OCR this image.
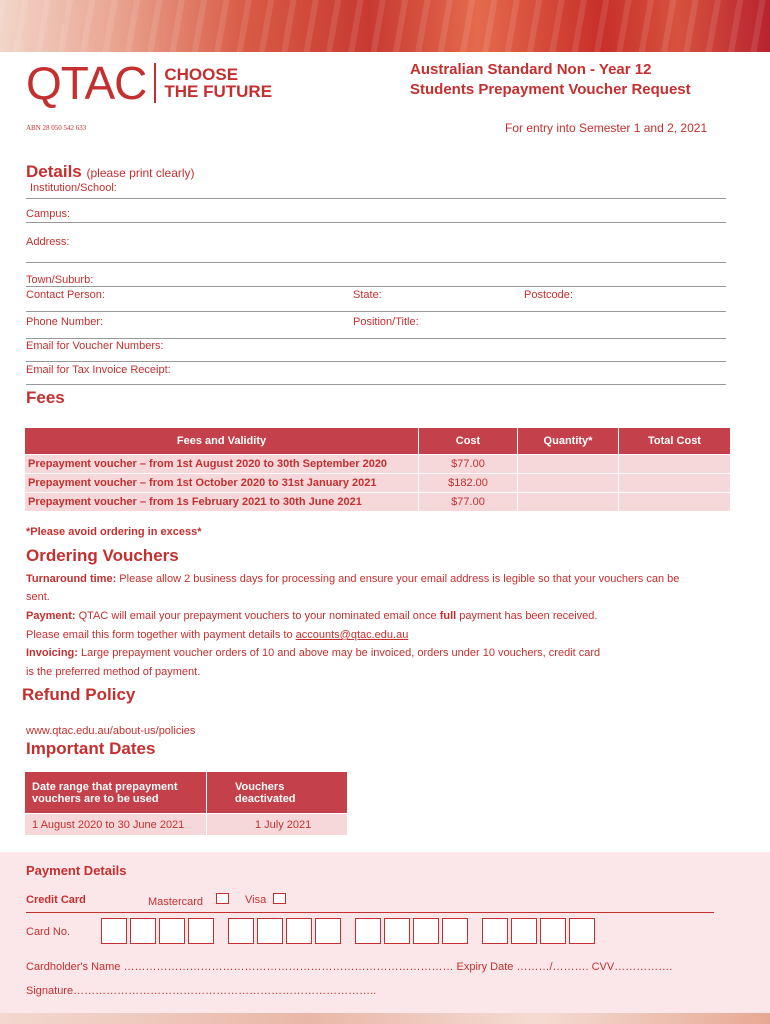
QTAC CHOOSE
THE FUTURE
ABN 28 050 542 633
Australian Standard Non - Year 12
Students Prepayment Voucher Request
For entry into Semester 1 and 2, 2021
Details (please print clearly)
Institution/School:
Campus:
Address:
Town/Suburb:
Contact Person:	State:	Postcode:
Phone Number:	Position/Title:
Email for Voucher Numbers:
Email for Tax Invoice Receipt:
Fees
Fees and Validity	Cost	Quantity*	Total Cost
Prepayment voucher – from 1st August 2020 to 30th September 2020	$77.00		
Prepayment voucher – from 1st October 2020 to 31st January 2021	$182.00		
Prepayment voucher – from 1s February 2021 to 30th June 2021	$77.00		
*Please avoid ordering in excess*
Ordering Vouchers
Turnaround time: Please allow 2 business days for processing and ensure your email address is legible so that your vouchers can be
sent.
Payment: QTAC will email your prepayment vouchers to your nominated email once full payment has been received.
Please email this form together with payment details to accounts@qtac.edu.au
Invoicing: Large prepayment voucher orders of 10 and above may be invoiced, orders under 10 vouchers, credit card
is the preferred method of payment.
Refund Policy
www.qtac.edu.au/about-us/policies
Important Dates
Date range that prepayment vouchers are to be used	Vouchers deactivated
1 August 2020 to 30 June 2021	1 July 2021
Payment Details
Credit Card	Mastercard	Visa
Card No.
Cardholder's Name ……………………………………………………………………………… Expiry Date ………/………. CVV…………….
Signature………………………………………………………………………..
